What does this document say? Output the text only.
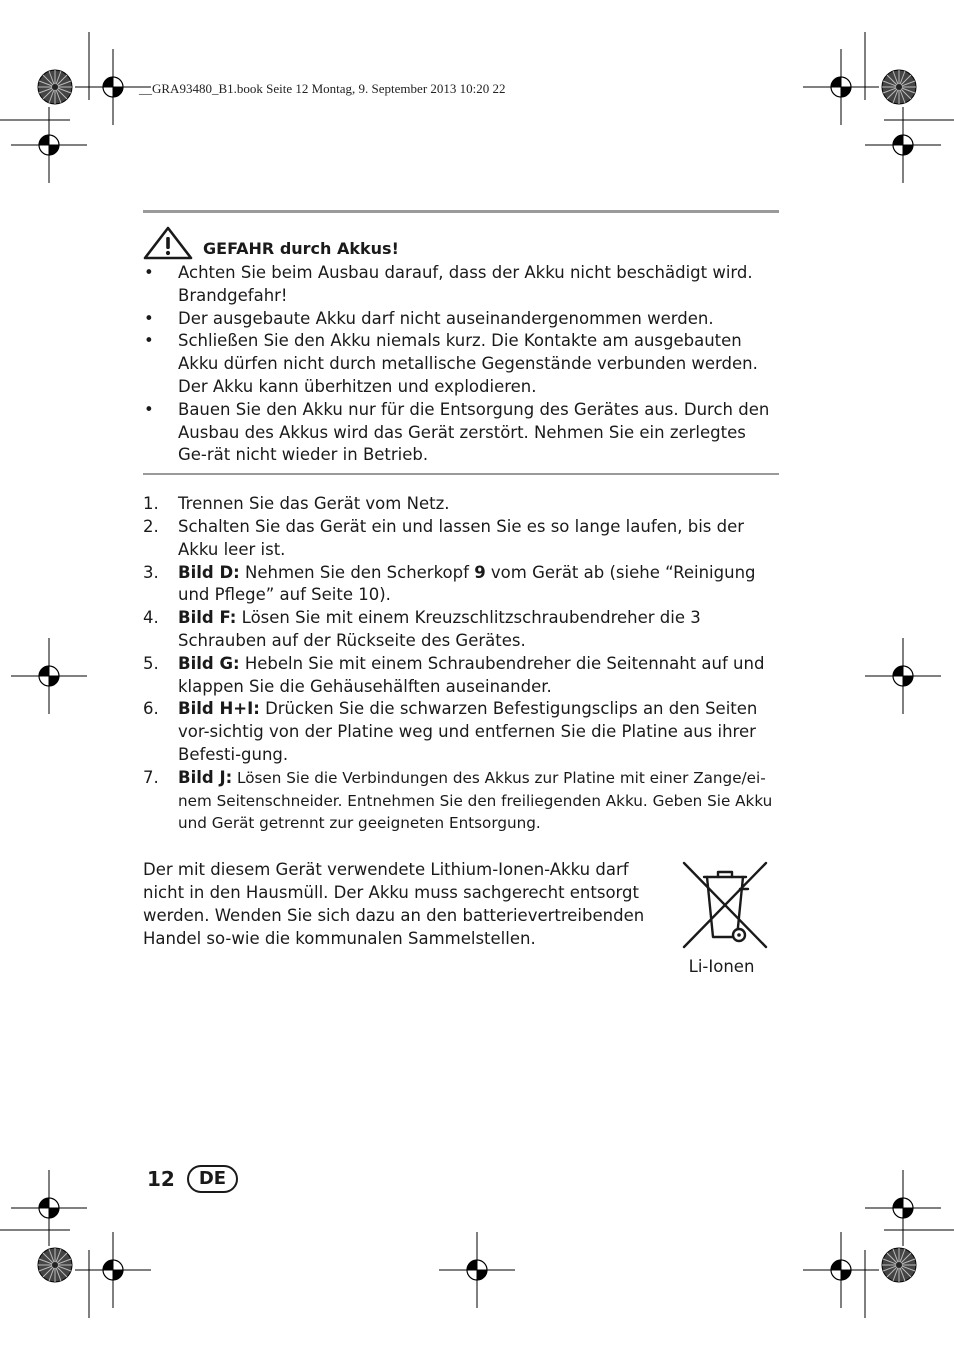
__GRA93480_B1.book Seite 12 Montag, 9. September 2013 10:20 22
GEFAHR durch Akkus!
• Achten Sie beim Ausbau darauf, dass der Akku nicht beschädigt wird. Brandgefahr!
• Der ausgebaute Akku darf nicht auseinandergenommen werden.
• Schließen Sie den Akku niemals kurz. Die Kontakte am ausgebauten Akku dürfen nicht durch metallische Gegenstände verbunden werden. Der Akku kann überhitzen und explodieren.
• Bauen Sie den Akku nur für die Entsorgung des Gerätes aus. Durch den Ausbau des Akkus wird das Gerät zerstört. Nehmen Sie ein zerlegtes Ge-rät nicht wieder in Betrieb.
1. Trennen Sie das Gerät vom Netz.
2. Schalten Sie das Gerät ein und lassen Sie es so lange laufen, bis der Akku leer ist.
3. Bild D: Nehmen Sie den Scherkopf 9 vom Gerät ab (siehe “Reinigung und Pflege” auf Seite 10).
4. Bild F: Lösen Sie mit einem Kreuzschlitzschraubendreher die 3 Schrauben auf der Rückseite des Gerätes.
5. Bild G: Hebeln Sie mit einem Schraubendreher die Seitennaht auf und klappen Sie die Gehäusehälften auseinander.
6. Bild H+I: Drücken Sie die schwarzen Befestigungsclips an den Seiten vor-sichtig von der Platine weg und entfernen Sie die Platine aus ihrer Befesti-gung.
7. Bild J: Lösen Sie die Verbindungen des Akkus zur Platine mit einer Zange/ei-nem Seitenschneider. Entnehmen Sie den freiliegenden Akku. Geben Sie Akku und Gerät getrennt zur geeigneten Entsorgung.

Der mit diesem Gerät verwendete Lithium-Ionen-Akku darf nicht in den Hausmüll. Der Akku muss sachgerecht entsorgt werden. Wenden Sie sich dazu an den batterievertreibenden Handel so-wie die kommunalen Sammelstellen.

Li-Ionen
12	DE
